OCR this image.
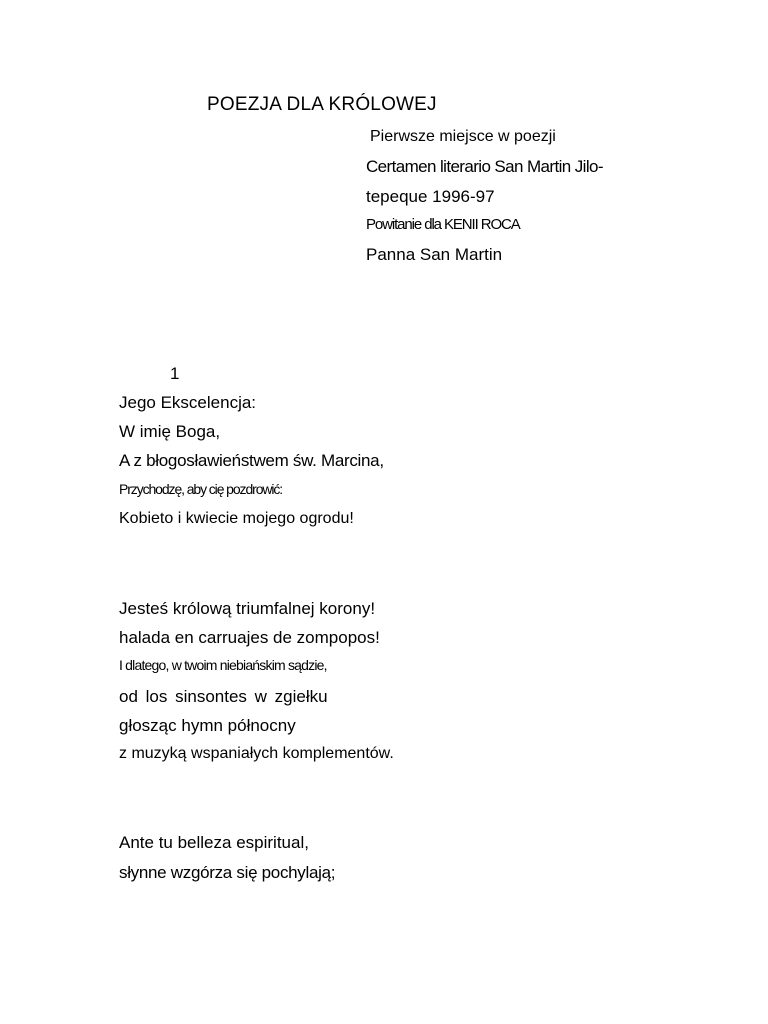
POEZJA DLA KRÓLOWEJ
Pierwsze miejsce w poezji
Certamen literario San Martin Jilo-
tepeque 1996-97
Powitanie dla KENII ROCA
Panna San Martin
1
Jego Ekscelencja:
W imię Boga,
A z błogosławieństwem św. Marcina,
Przychodzę, aby cię pozdrowić:
Kobieto i kwiecie mojego ogrodu!
Jesteś królową triumfalnej korony!
halada en carruajes de zompopos!
I dlatego, w twoim niebiańskim sądzie,
od los sinsontes w zgiełku
głosząc hymn północny
z muzyką wspaniałych komplementów.
Ante tu belleza espiritual,
słynne wzgórza się pochylają;
